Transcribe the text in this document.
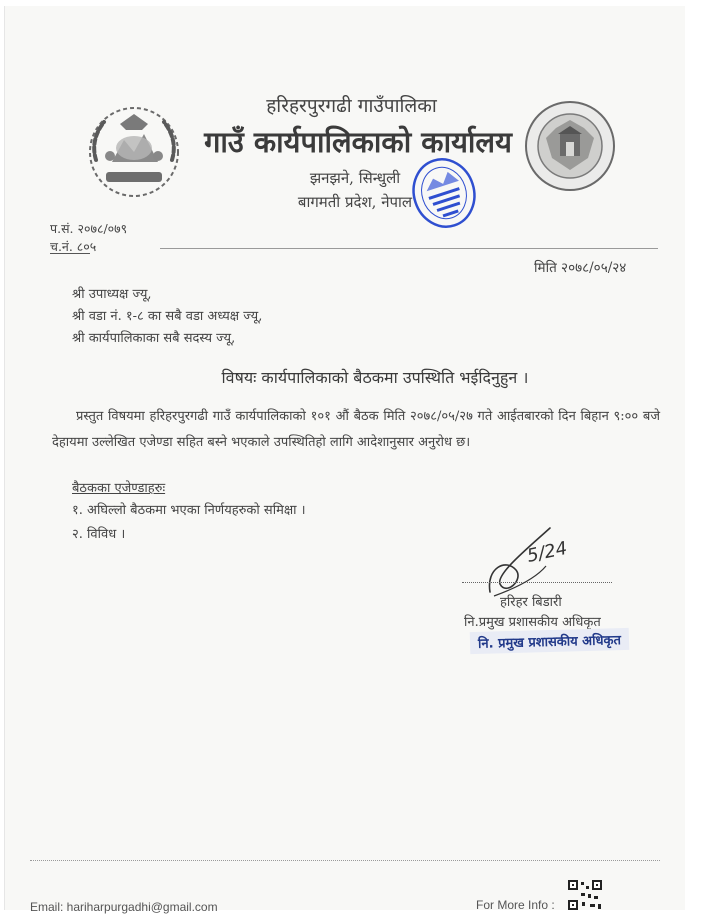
हरिहरपुरगढी गाउँपालिका
गाउँ कार्यपालिकाको कार्यालय
झनझने, सिन्धुली
बागमती प्रदेश, नेपाल
प.सं. २०७८/०७९
च.नं. ८०५
मिति २०७८/०५/२४
श्री उपाध्यक्ष ज्यू,
श्री वडा नं. १-८ का सबै वडा अध्यक्ष ज्यू,
श्री कार्यपालिकाका सबै सदस्य ज्यू,
विषयः कार्यपालिकाको बैठकमा उपस्थिति भईदिनुहुन ।
प्रस्तुत विषयमा हरिहरपुरगढी गाउँ कार्यपालिकाको १०१ औं बैठक मिति २०७८/०५/२७ गते आईतबारको दिन बिहान ९:०० बजे देहायमा उल्लेखित एजेण्डा सहित बस्ने भएकाले उपस्थितिहो लागि आदेशानुसार अनुरोध छ।
बैठकका एजेण्डाहरुः
१. अघिल्लो बैठकमा भएका निर्णयहरुको समिक्षा ।
२. विविध ।
5/24
हरिहर बिडारी
नि.प्रमुख प्रशासकीय अधिकृत
नि. प्रमुख प्रशासकीय अधिकृत
Email: hariharpurgadhi@gmail.com	For More Info :
